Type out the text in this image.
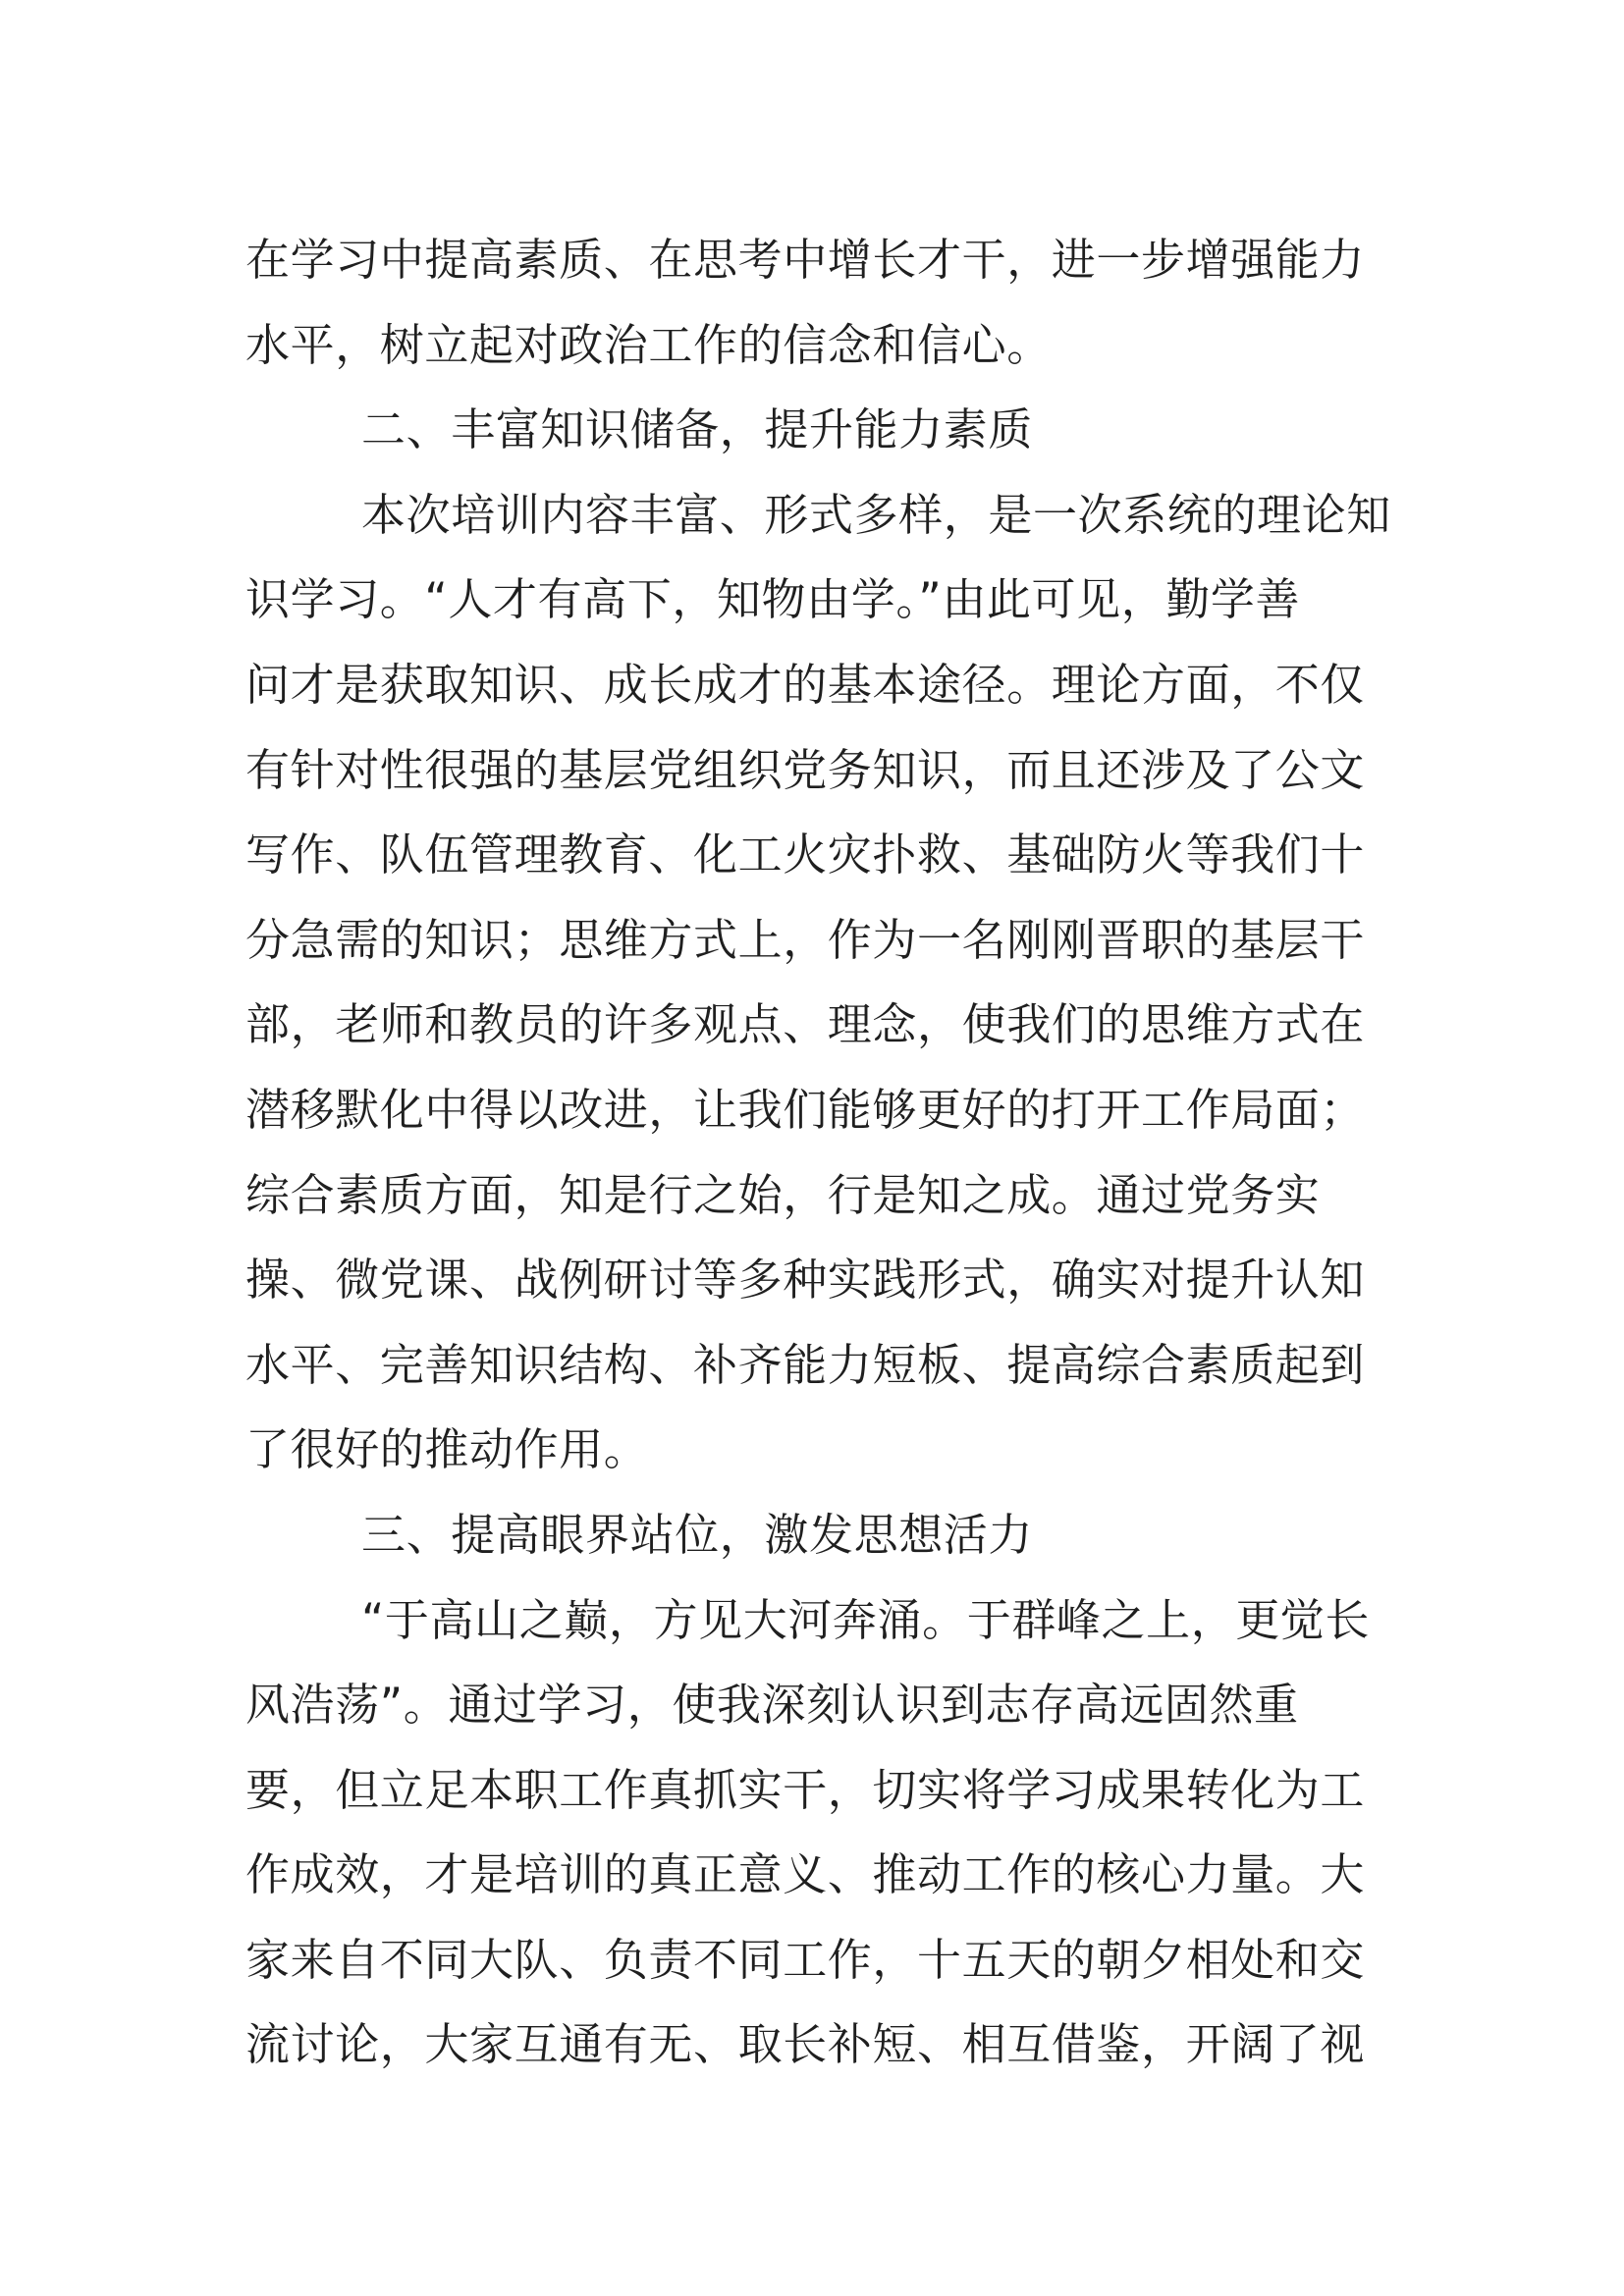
在学习中提高素质、在思考中增长才干，进一步增强能力
水平，树立起对政治工作的信念和信心。
二、丰富知识储备，提升能力素质
本次培训内容丰富、形式多样，是一次系统的理论知
识学习。“人才有高下，知物由学。”由此可见，勤学善
问才是获取知识、成长成才的基本途径。理论方面，不仅
有针对性很强的基层党组织党务知识，而且还涉及了公文
写作、队伍管理教育、化工火灾扑救、基础防火等我们十
分急需的知识；思维方式上，作为一名刚刚晋职的基层干
部，老师和教员的许多观点、理念，使我们的思维方式在
潜移默化中得以改进，让我们能够更好的打开工作局面；
综合素质方面，知是行之始，行是知之成。通过党务实
操、微党课、战例研讨等多种实践形式，确实对提升认知
水平、完善知识结构、补齐能力短板、提高综合素质起到
了很好的推动作用。
三、提高眼界站位，激发思想活力
“于高山之巅，方见大河奔涌。于群峰之上，更觉长
风浩荡”。通过学习，使我深刻认识到志存高远固然重
要，但立足本职工作真抓实干，切实将学习成果转化为工
作成效，才是培训的真正意义、推动工作的核心力量。大
家来自不同大队、负责不同工作，十五天的朝夕相处和交
流讨论，大家互通有无、取长补短、相互借鉴，开阔了视
